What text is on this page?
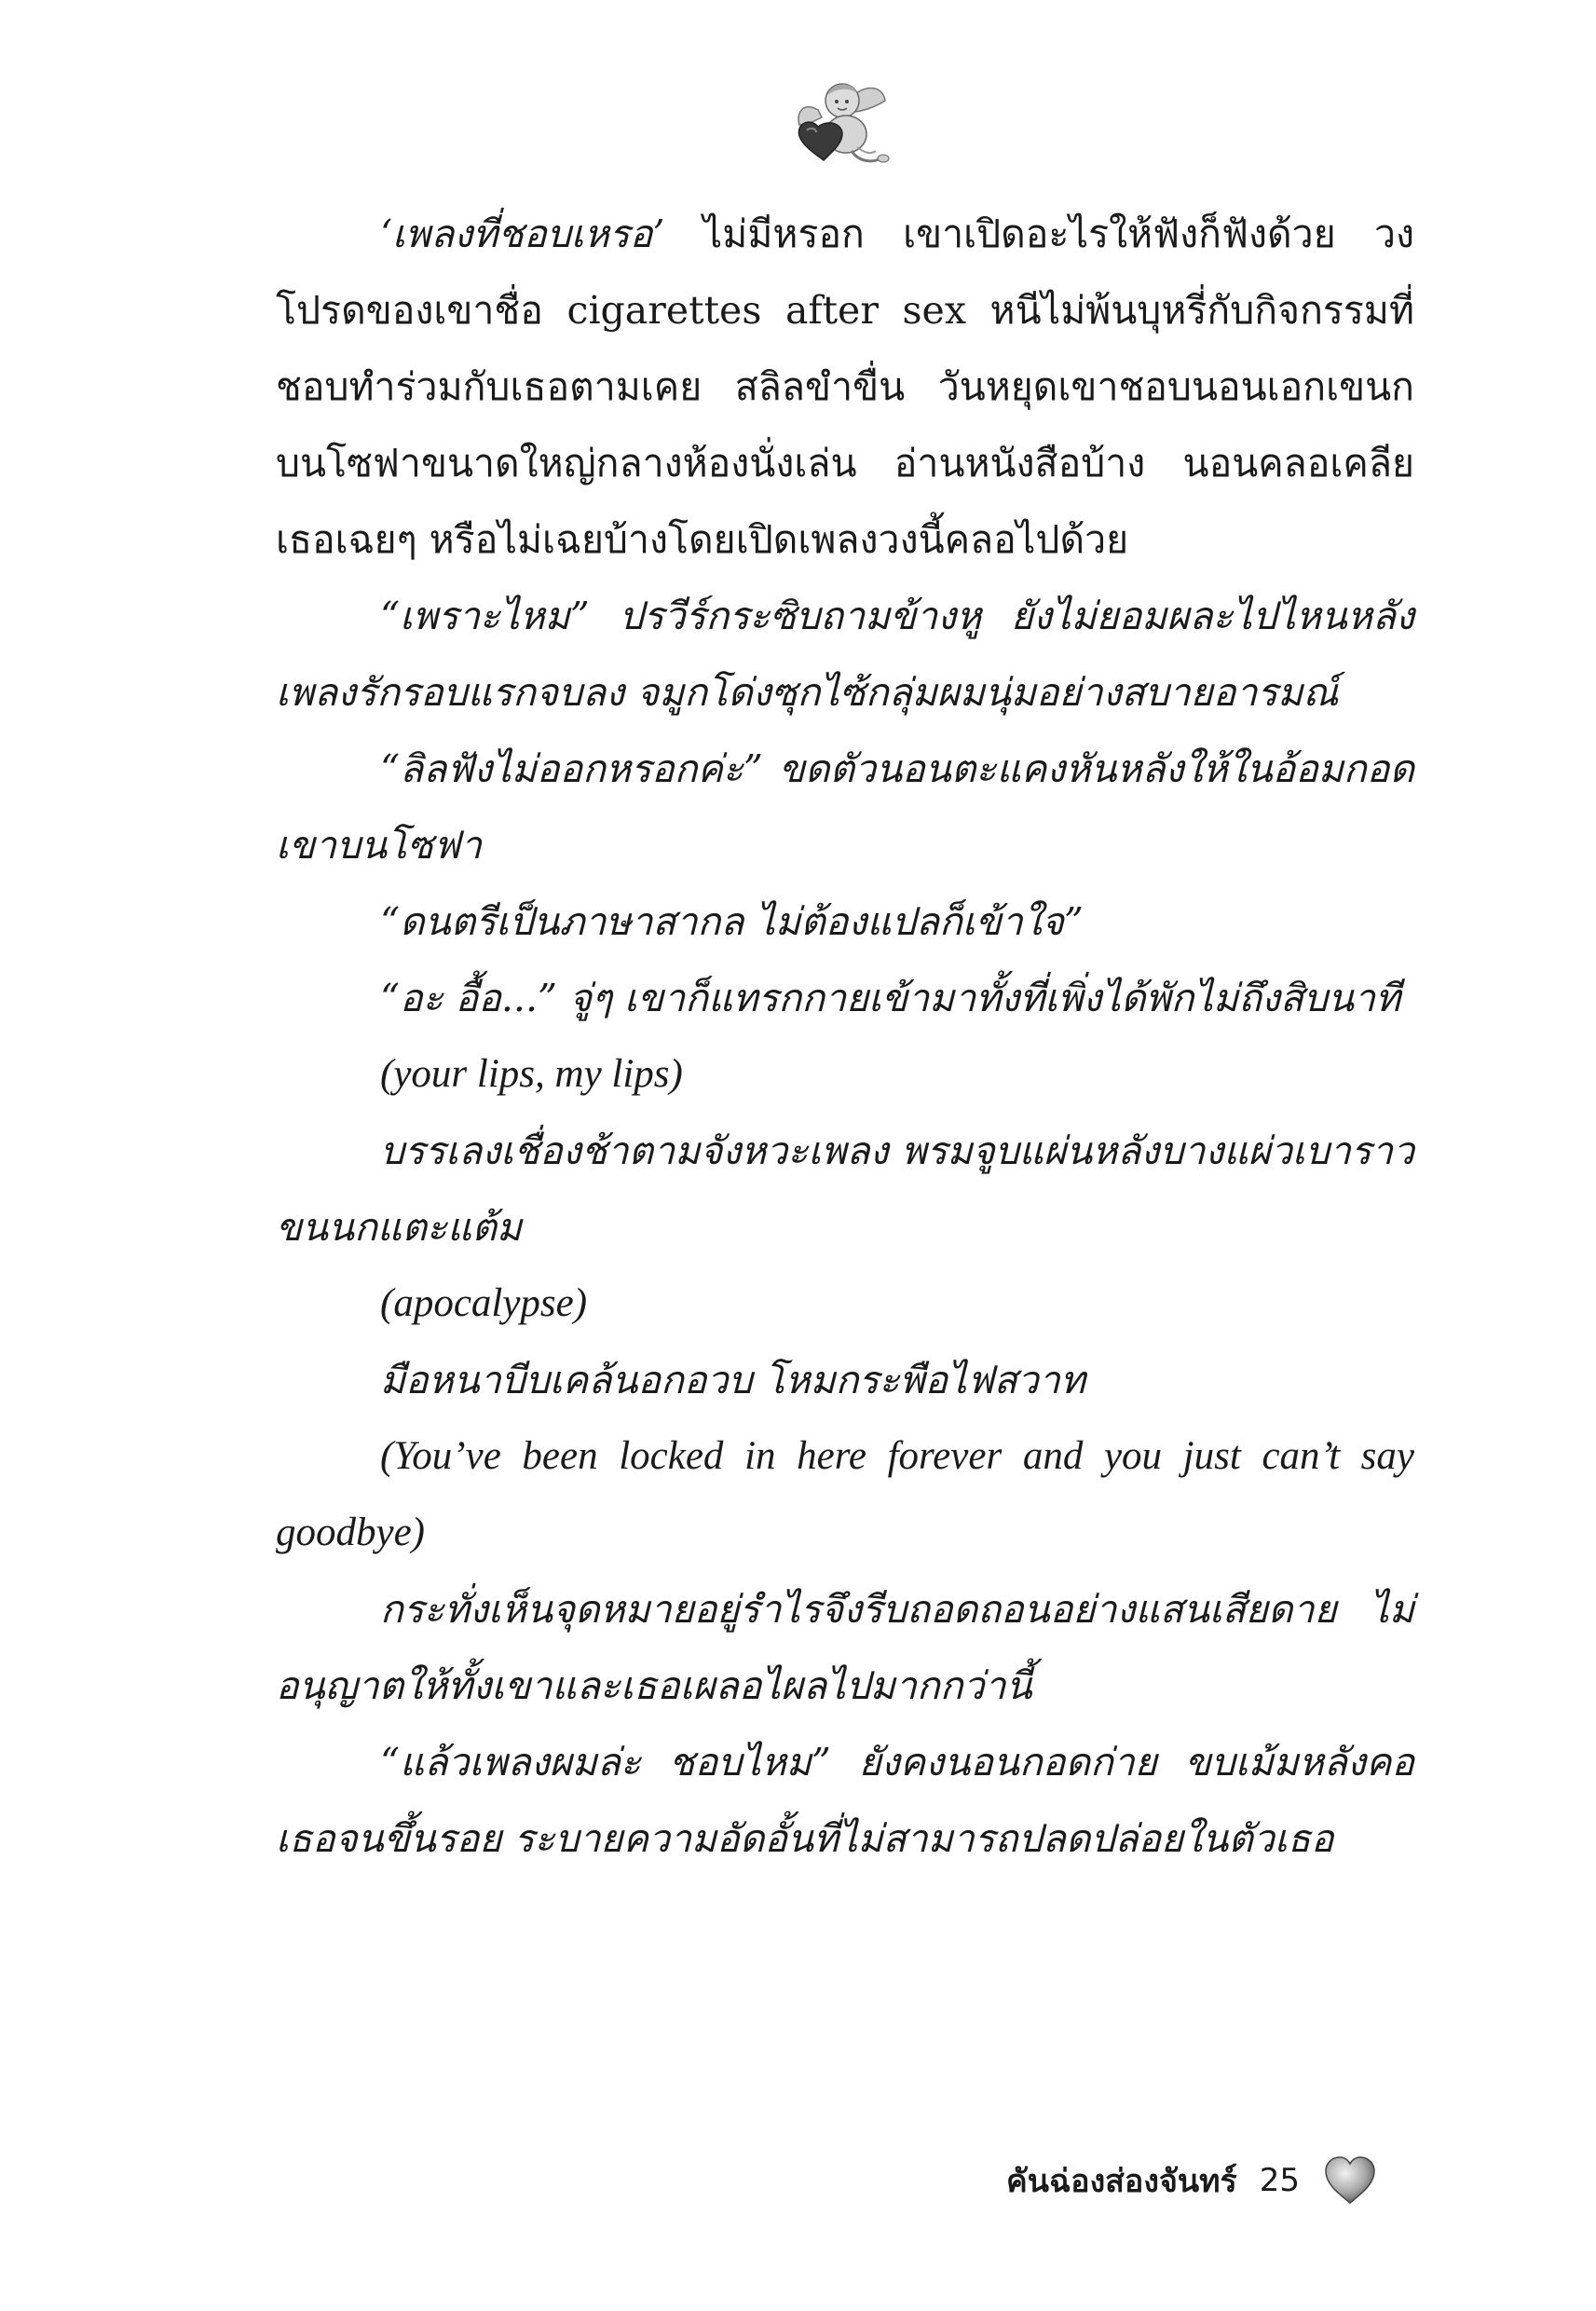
‘เพลงที่ชอบเหรอ’ ไม่มีหรอก เขาเปิดอะไรให้ฟังก็ฟังด้วย วงโปรดของเขาชื่อ cigarettes after sex หนีไม่พ้นบุหรี่กับกิจกรรมที่ชอบทำร่วมกับเธอตามเคย สลิลขำขื่น วันหยุดเขาชอบนอนเอกเขนกบนโซฟาขนาดใหญ่กลางห้องนั่งเล่น อ่านหนังสือบ้าง นอนคลอเคลียเธอเฉยๆ หรือไม่เฉยบ้างโดยเปิดเพลงวงนี้คลอไปด้วย

“เพราะไหม” ปรวีร์กระซิบถามข้างหู ยังไม่ยอมผละไปไหนหลังเพลงรักรอบแรกจบลง จมูกโด่งซุกไซ้กลุ่มผมนุ่มอย่างสบายอารมณ์

“ลิลฟังไม่ออกหรอกค่ะ” ขดตัวนอนตะแคงหันหลังให้ในอ้อมกอดเขาบนโซฟา

“ดนตรีเป็นภาษาสากล ไม่ต้องแปลก็เข้าใจ”

“อะ อื้อ...” จู่ๆ เขาก็แทรกกายเข้ามาทั้งที่เพิ่งได้พักไม่ถึงสิบนาที

(your lips, my lips)

บรรเลงเชื่องช้าตามจังหวะเพลง พรมจูบแผ่นหลังบางแผ่วเบาราวขนนกแตะแต้ม

(apocalypse)

มือหนาบีบเคล้นอกอวบ โหมกระพือไฟสวาท

(You’ve been locked in here forever and you just can’t say goodbye)

กระทั่งเห็นจุดหมายอยู่รำไรจึงรีบถอดถอนอย่างแสนเสียดาย ไม่อนุญาตให้ทั้งเขาและเธอเผลอไผลไปมากกว่านี้

“แล้วเพลงผมล่ะ ชอบไหม” ยังคงนอนกอดก่าย ขบเม้มหลังคอเธอจนขึ้นรอย ระบายความอัดอั้นที่ไม่สามารถปลดปล่อยในตัวเธอ

คันฉ่องส่องจันทร์ 25
